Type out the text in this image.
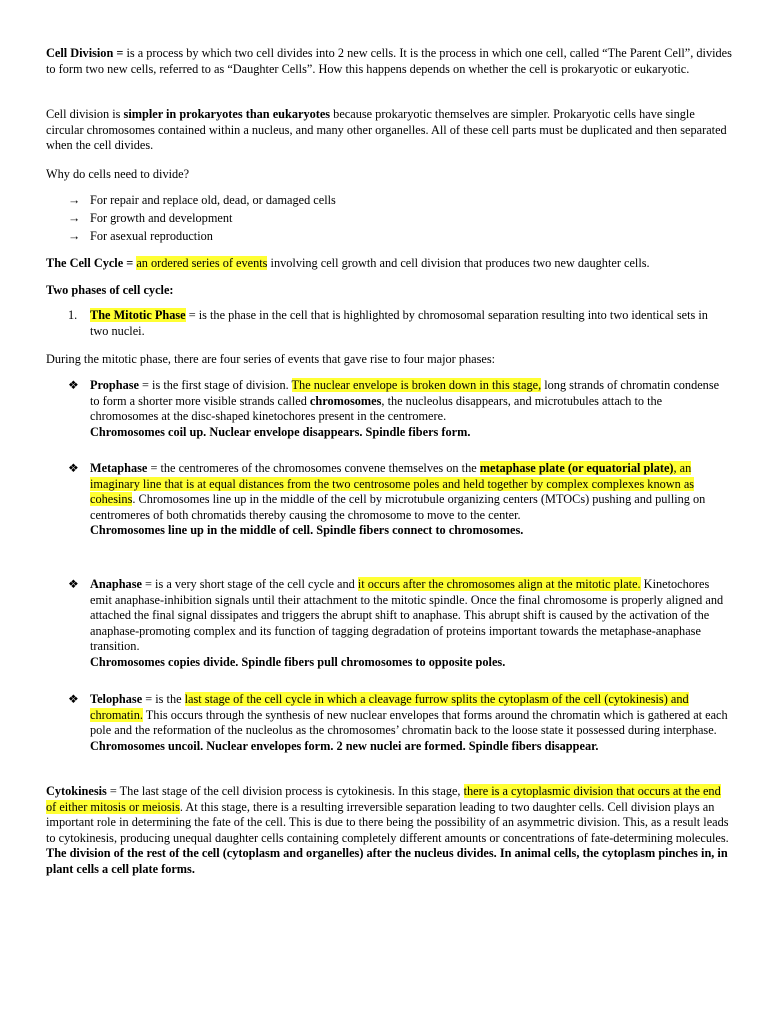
Cell Division = is a process by which two cell divides into 2 new cells. It is the process in which one cell, called “The Parent Cell”, divides to form two new cells, referred to as “Daughter Cells”. How this happens depends on whether the cell is prokaryotic or eukaryotic.

Cell division is simpler in prokaryotes than eukaryotes because prokaryotic themselves are simpler. Prokaryotic cells have single circular chromosomes contained within a nucleus, and many other organelles. All of these cell parts must be duplicated and then separated when the cell divides.

Why do cells need to divide?

→ For repair and replace old, dead, or damaged cells
→ For growth and development
→ For asexual reproduction

The Cell Cycle = an ordered series of events involving cell growth and cell division that produces two new daughter cells.

Two phases of cell cycle:

1. The Mitotic Phase = is the phase in the cell that is highlighted by chromosomal separation resulting into two identical sets in two nuclei.

During the mitotic phase, there are four series of events that gave rise to four major phases:

❖ Prophase = is the first stage of division. The nuclear envelope is broken down in this stage, long strands of chromatin condense to form a shorter more visible strands called chromosomes, the nucleolus disappears, and microtubules attach to the chromosomes at the disc-shaped kinetochores present in the centromere.
Chromosomes coil up. Nuclear envelope disappears. Spindle fibers form.
❖ Metaphase = the centromeres of the chromosomes convene themselves on the metaphase plate (or equatorial plate), an imaginary line that is at equal distances from the two centrosome poles and held together by complex complexes known as cohesins. Chromosomes line up in the middle of the cell by microtubule organizing centers (MTOCs) pushing and pulling on centromeres of both chromatids thereby causing the chromosome to move to the center.
Chromosomes line up in the middle of cell. Spindle fibers connect to chromosomes.
❖ Anaphase = is a very short stage of the cell cycle and it occurs after the chromosomes align at the mitotic plate. Kinetochores emit anaphase-inhibition signals until their attachment to the mitotic spindle. Once the final chromosome is properly aligned and attached the final signal dissipates and triggers the abrupt shift to anaphase. This abrupt shift is caused by the activation of the anaphase-promoting complex and its function of tagging degradation of proteins important towards the metaphase-anaphase transition.
Chromosomes copies divide. Spindle fibers pull chromosomes to opposite poles.
❖ Telophase = is the last stage of the cell cycle in which a cleavage furrow splits the cytoplasm of the cell (cytokinesis) and chromatin. This occurs through the synthesis of new nuclear envelopes that forms around the chromatin which is gathered at each pole and the reformation of the nucleolus as the chromosomes’ chromatin back to the loose state it possessed during interphase.
Chromosomes uncoil. Nuclear envelopes form. 2 new nuclei are formed. Spindle fibers disappear.

Cytokinesis = The last stage of the cell division process is cytokinesis. In this stage, there is a cytoplasmic division that occurs at the end of either mitosis or meiosis. At this stage, there is a resulting irreversible separation leading to two daughter cells. Cell division plays an important role in determining the fate of the cell. This is due to there being the possibility of an asymmetric division. This, as a result leads to cytokinesis, producing unequal daughter cells containing completely different amounts or concentrations of fate-determining molecules.
The division of the rest of the cell (cytoplasm and organelles) after the nucleus divides. In animal cells, the cytoplasm pinches in, in plant cells a cell plate forms.
